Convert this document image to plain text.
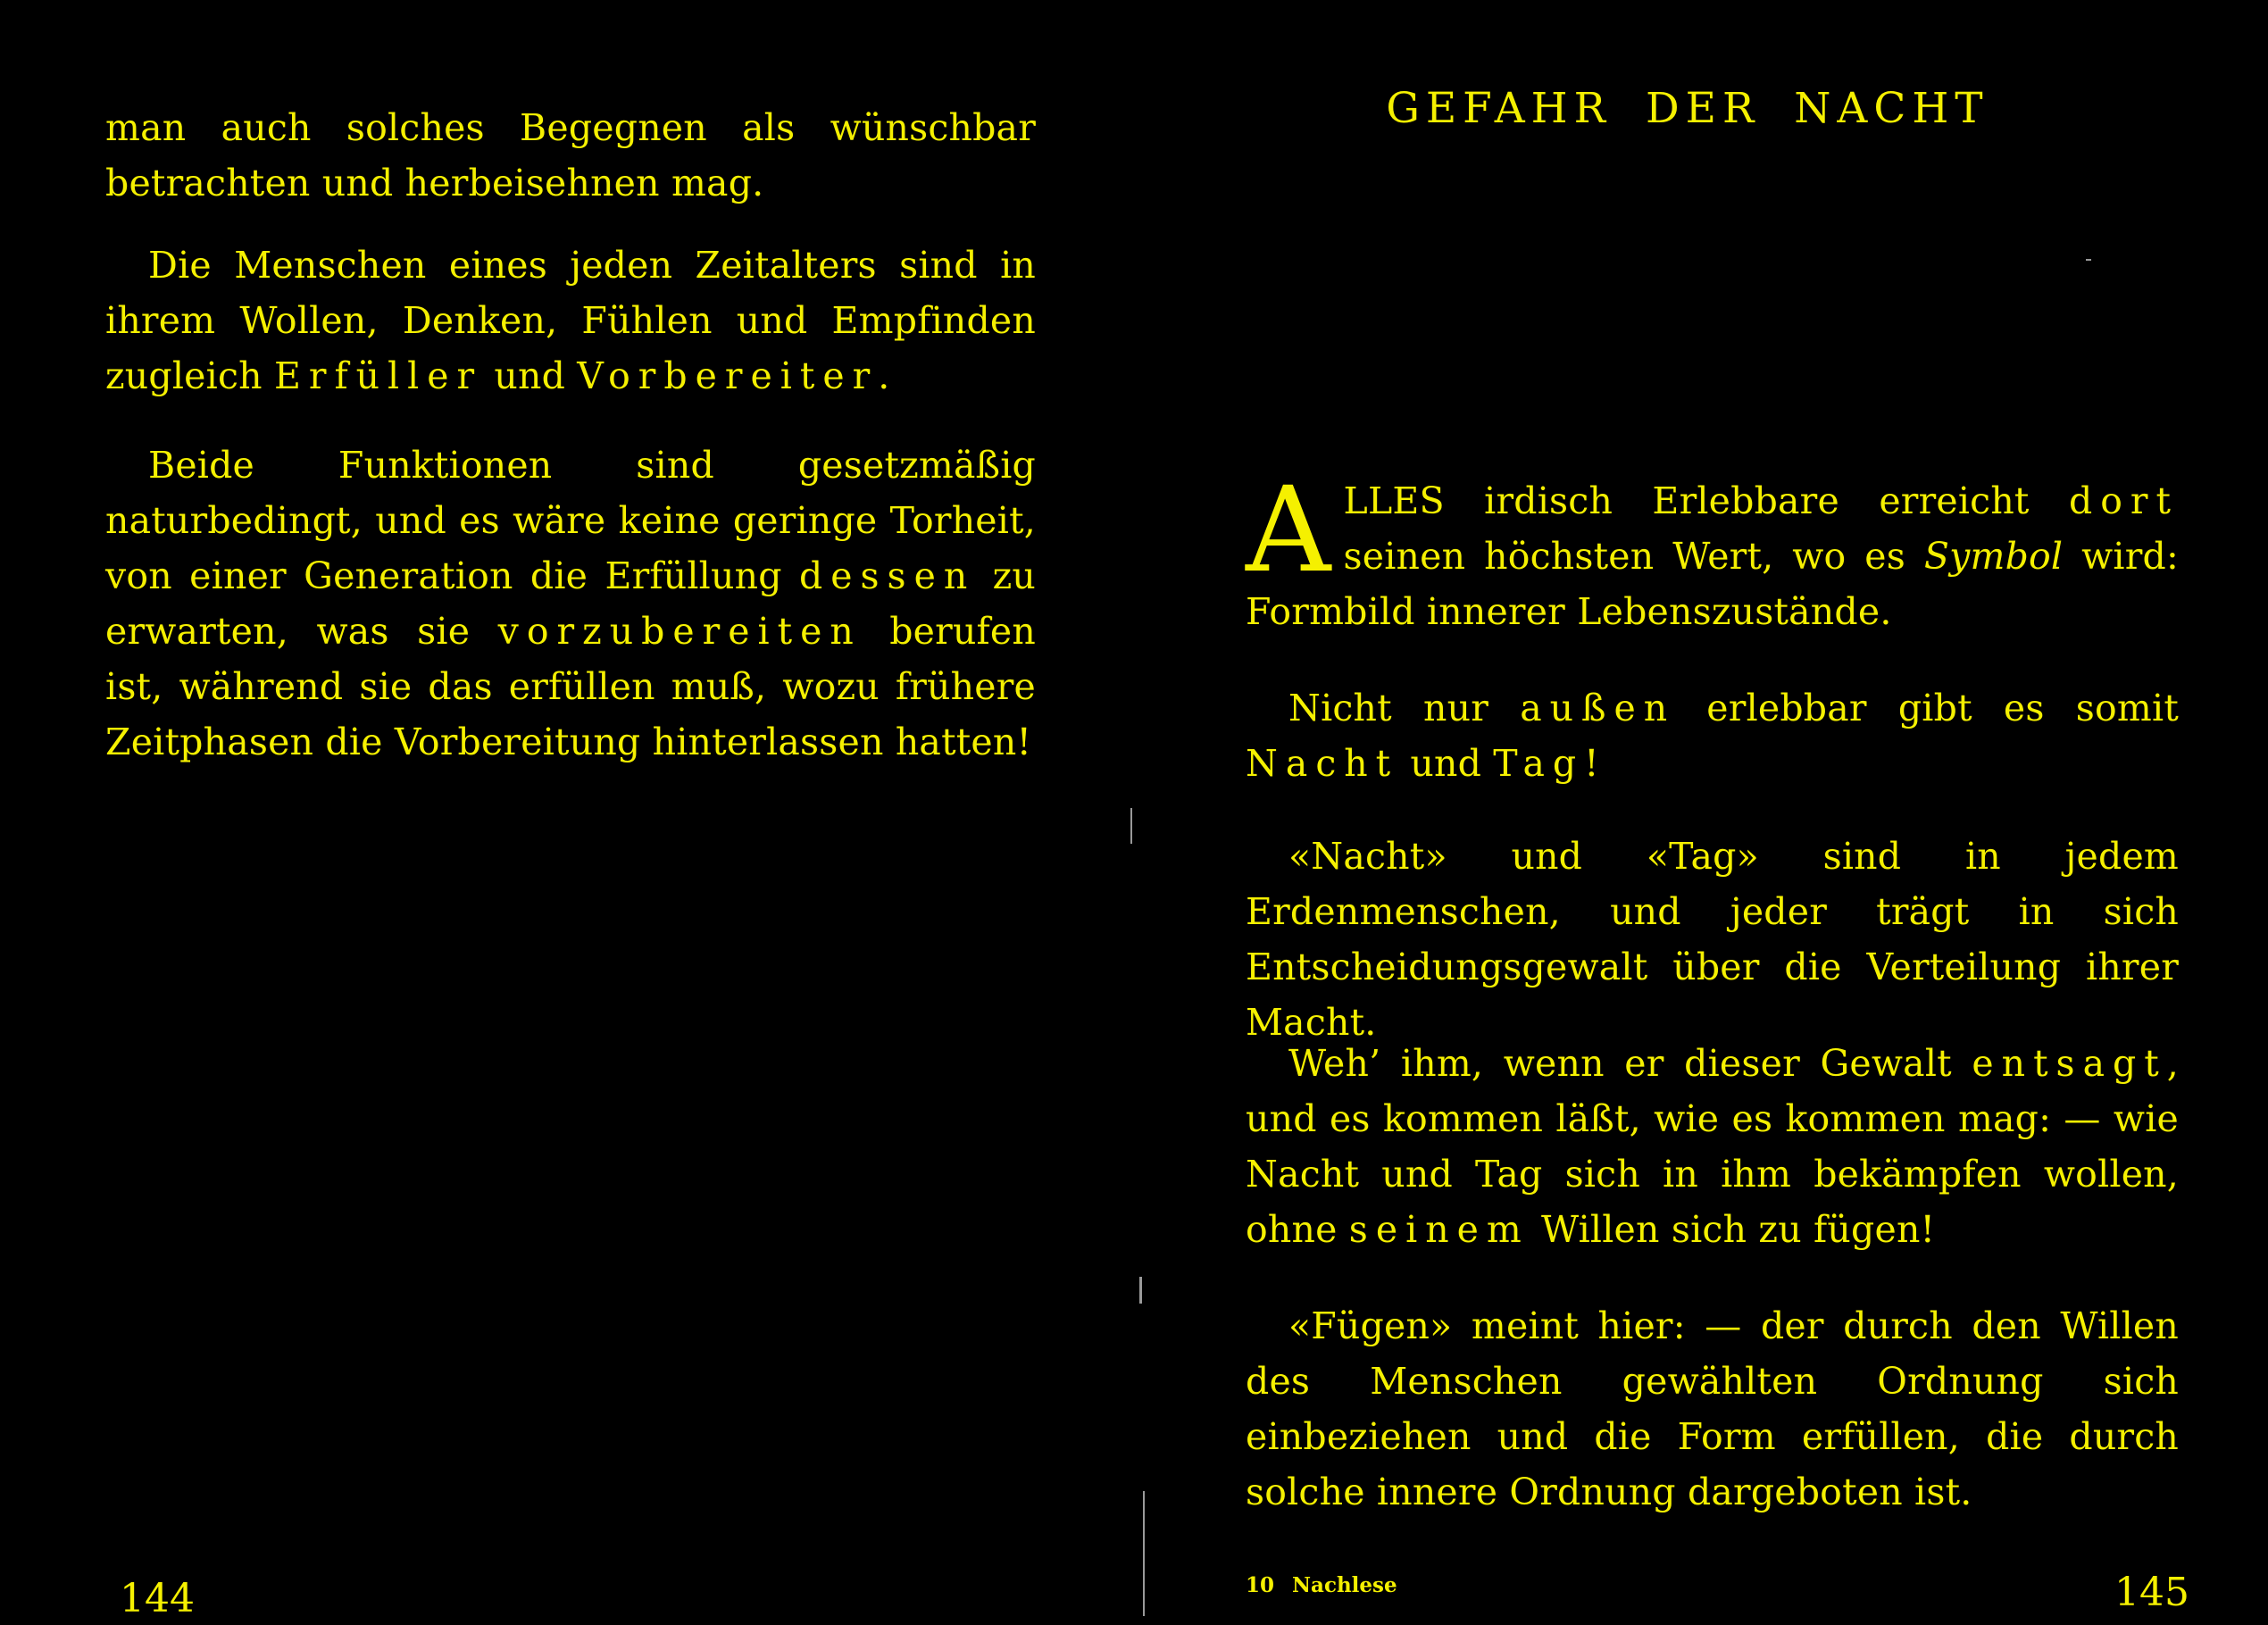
man auch solches Begegnen als wünschbar betrachten und herbeisehnen mag.

Die Menschen eines jeden Zeitalters sind in ihrem Wollen, Denken, Fühlen und Empfinden zugleich Erfüller und Vorbereiter.

Beide Funktionen sind gesetzmäßig naturbedingt, und es wäre keine geringe Torheit, von einer Generation die Erfüllung dessen zu erwarten, was sie vorzubereiten berufen ist, während sie das erfüllen muß, wozu frühere Zeitphasen die Vorbereitung hinterlassen hatten!

144
GEFAHR DER NACHT

ALLES irdisch Erlebbare erreicht dort seinen höchsten Wert, wo es Symbol wird: Formbild innerer Lebenszustände.

Nicht nur außen erlebbar gibt es somit Nacht und Tag!

«Nacht» und «Tag» sind in jedem Erdenmenschen, und jeder trägt in sich Entscheidungsgewalt über die Verteilung ihrer Macht.

Weh’ ihm, wenn er dieser Gewalt entsagt, und es kommen läßt, wie es kommen mag: — wie Nacht und Tag sich in ihm bekämpfen wollen, ohne seinem Willen sich zu fügen!

«Fügen» meint hier: — der durch den Willen des Menschen gewählten Ordnung sich einbeziehen und die Form erfüllen, die durch solche innere Ordnung dargeboten ist.

10 Nachlese	145
